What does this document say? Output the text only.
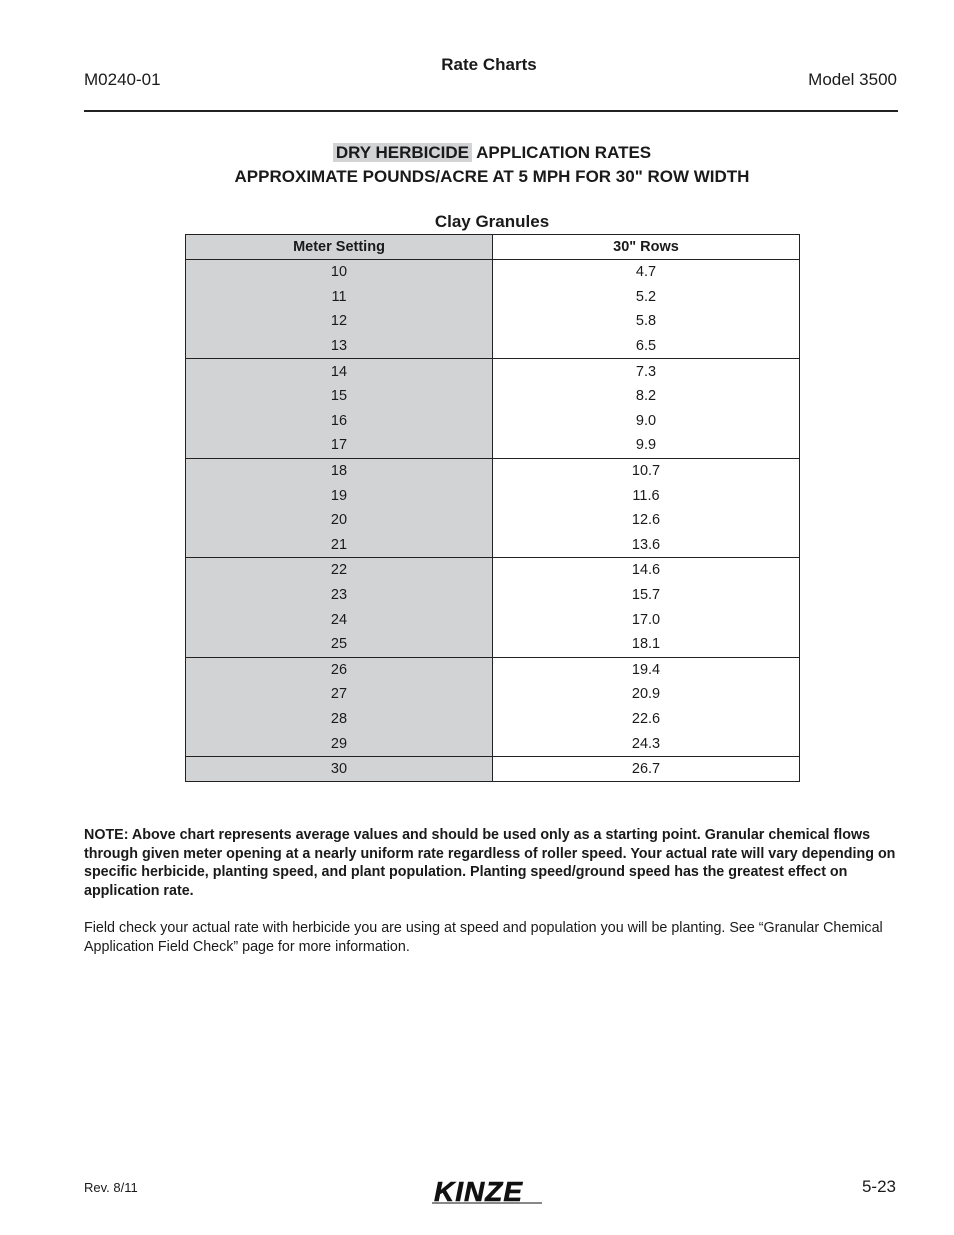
M0240-01
Rate Charts
Model 3500
DRY HERBICIDE APPLICATION RATES
APPROXIMATE POUNDS/ACRE AT 5 MPH FOR 30" ROW WIDTH
Clay Granules
Meter Setting	30" Rows
10	4.7
11	5.2
12	5.8
13	6.5
14	7.3
15	8.2
16	9.0
17	9.9
18	10.7
19	11.6
20	12.6
21	13.6
22	14.6
23	15.7
24	17.0
25	18.1
26	19.4
27	20.9
28	22.6
29	24.3
30	26.7
NOTE: Above chart represents average values and should be used only as a starting point. Granular chemical flows through given meter opening at a nearly uniform rate regardless of roller speed. Your actual rate will vary depending on specific herbicide, planting speed, and plant population. Planting speed/ground speed has the greatest effect on application rate.
Field check your actual rate with herbicide you are using at speed and population you will be planting. See “Granular Chemical Application Field Check” page for more information.
Rev. 8/11	KINZE	5-23
